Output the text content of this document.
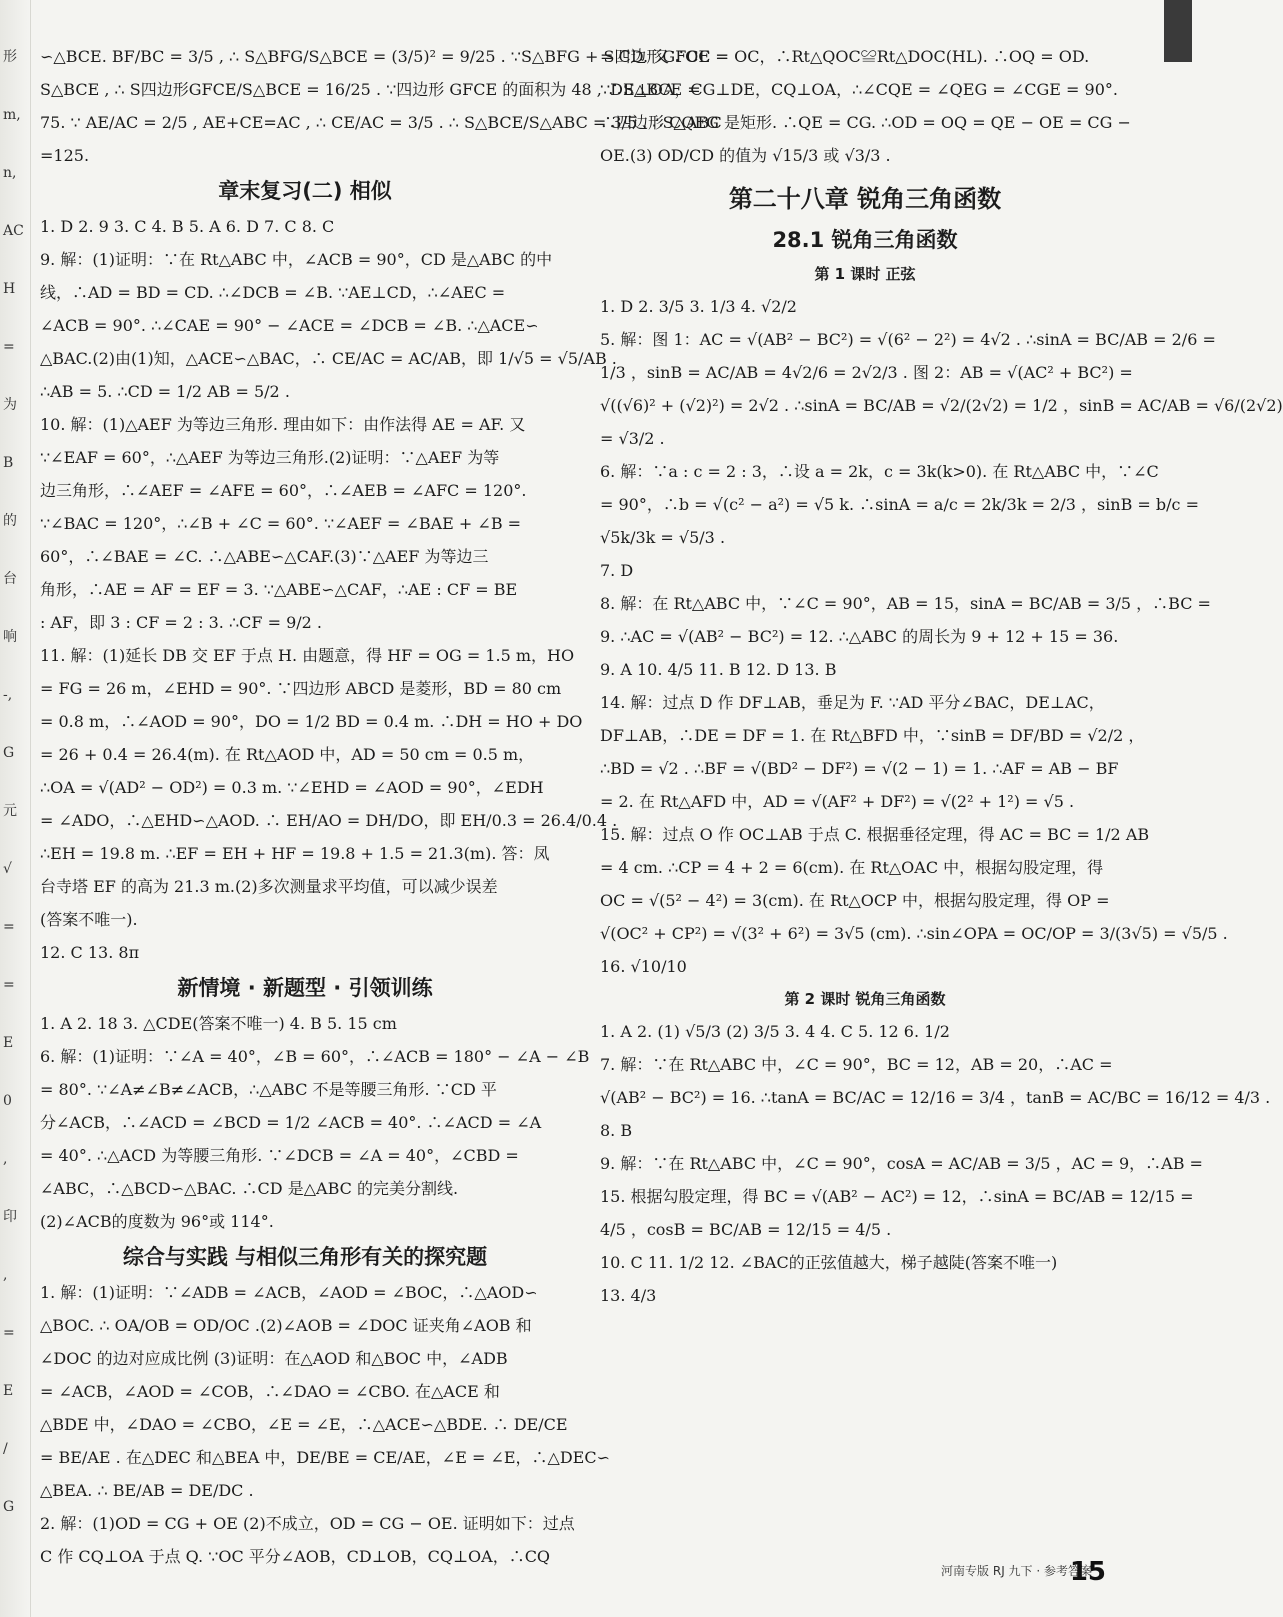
形
m,
n,
AC
H
=
为
B
的
台
响
-,
G
元
√
=
=
E
0
,
印
,
=
E
/
G
∽△BCE. BF/BC = 3/5 , ∴ S△BFG/S△BCE = (3/5)² = 9/25 . ∵S△BFG + S四边形GFCE =
S△BCE , ∴ S四边形GFCE/S△BCE = 16/25 . ∵四边形 GFCE 的面积为 48 , ∴S△BCE =
75. ∵ AE/AC = 2/5 , AE+CE=AC , ∴ CE/AC = 3/5 . ∴ S△BCE/S△ABC = 3/5 . ∴S△ABC
=125.
章末复习(二) 相似
1. D 2. 9 3. C 4. B 5. A 6. D 7. C 8. C
9. 解：(1)证明：∵在 Rt△ABC 中，∠ACB = 90°，CD 是△ABC 的中
线，∴AD = BD = CD. ∴∠DCB = ∠B. ∵AE⊥CD，∴∠AEC =
∠ACB = 90°. ∴∠CAE = 90° − ∠ACE = ∠DCB = ∠B. ∴△ACE∽
△BAC.(2)由(1)知，△ACE∽△BAC，∴ CE/AC = AC/AB，即 1/√5 = √5/AB .
∴AB = 5. ∴CD = 1/2 AB = 5/2 .
10. 解：(1)△AEF 为等边三角形. 理由如下：由作法得 AE = AF. 又
∵∠EAF = 60°，∴△AEF 为等边三角形.(2)证明：∵△AEF 为等
边三角形，∴∠AEF = ∠AFE = 60°，∴∠AEB = ∠AFC = 120°.
∵∠BAC = 120°，∴∠B + ∠C = 60°. ∵∠AEF = ∠BAE + ∠B =
60°，∴∠BAE = ∠C. ∴△ABE∽△CAF.(3)∵△AEF 为等边三
角形，∴AE = AF = EF = 3. ∵△ABE∽△CAF，∴AE : CF = BE
: AF，即 3 : CF = 2 : 3. ∴CF = 9/2 .
11. 解：(1)延长 DB 交 EF 于点 H. 由题意，得 HF = OG = 1.5 m，HO
= FG = 26 m，∠EHD = 90°. ∵四边形 ABCD 是菱形，BD = 80 cm
= 0.8 m，∴∠AOD = 90°，DO = 1/2 BD = 0.4 m. ∴DH = HO + DO
= 26 + 0.4 = 26.4(m). 在 Rt△AOD 中，AD = 50 cm = 0.5 m，
∴OA = √(AD² − OD²) = 0.3 m. ∵∠EHD = ∠AOD = 90°，∠EDH
= ∠ADO，∴△EHD∽△AOD. ∴ EH/AO = DH/DO，即 EH/0.3 = 26.4/0.4 .
∴EH = 19.8 m. ∴EF = EH + HF = 19.8 + 1.5 = 21.3(m). 答：凤
台寺塔 EF 的高为 21.3 m.(2)多次测量求平均值，可以减少误差
(答案不唯一).
12. C 13. 8π
新情境 · 新题型 · 引领训练
1. A 2. 18 3. △CDE(答案不唯一) 4. B 5. 15 cm
6. 解：(1)证明：∵∠A = 40°，∠B = 60°，∴∠ACB = 180° − ∠A − ∠B
= 80°. ∵∠A≠∠B≠∠ACB，∴△ABC 不是等腰三角形. ∵CD 平
分∠ACB，∴∠ACD = ∠BCD = 1/2 ∠ACB = 40°. ∴∠ACD = ∠A
= 40°. ∴△ACD 为等腰三角形. ∵∠DCB = ∠A = 40°，∠CBD =
∠ABC，∴△BCD∽△BAC. ∴CD 是△ABC 的完美分割线.
(2)∠ACB的度数为 96°或 114°.
综合与实践 与相似三角形有关的探究题
1. 解：(1)证明：∵∠ADB = ∠ACB，∠AOD = ∠BOC，∴△AOD∽
△BOC. ∴ OA/OB = OD/OC .(2)∠AOB = ∠DOC 证夹角∠AOB 和
∠DOC 的边对应成比例 (3)证明：在△AOD 和△BOC 中，∠ADB
= ∠ACB，∠AOD = ∠COB，∴∠DAO = ∠CBO. 在△ACE 和
△BDE 中，∠DAO = ∠CBO，∠E = ∠E，∴△ACE∽△BDE. ∴ DE/CE
= BE/AE . 在△DEC 和△BEA 中，DE/BE = CE/AE，∠E = ∠E，∴△DEC∽
△BEA. ∴ BE/AB = DE/DC .
2. 解：(1)OD = CG + OE (2)不成立，OD = CG − OE. 证明如下：过点
C 作 CQ⊥OA 于点 Q. ∵OC 平分∠AOB，CD⊥OB，CQ⊥OA，∴CQ
= CD. 又∵OC = OC，∴Rt△QOC≌Rt△DOC(HL). ∴OQ = OD.
∵DE⊥OA，CG⊥DE，CQ⊥OA，∴∠CQE = ∠QEG = ∠CGE = 90°.
∴四边形 CQEG 是矩形. ∴QE = CG. ∴OD = OQ = QE − OE = CG −
OE.(3) OD/CD 的值为 √15/3 或 √3/3 .
第二十八章 锐角三角函数
28.1 锐角三角函数
第 1 课时 正弦
1. D 2. 3/5 3. 1/3 4. √2/2
5. 解：图 1：AC = √(AB² − BC²) = √(6² − 2²) = 4√2 . ∴sinA = BC/AB = 2/6 =
1/3 ，sinB = AC/AB = 4√2/6 = 2√2/3 . 图 2：AB = √(AC² + BC²) =
√((√6)² + (√2)²) = 2√2 . ∴sinA = BC/AB = √2/(2√2) = 1/2 ，sinB = AC/AB = √6/(2√2)
= √3/2 .
6. 解：∵a : c = 2 : 3，∴设 a = 2k，c = 3k(k>0). 在 Rt△ABC 中，∵∠C
= 90°，∴b = √(c² − a²) = √5 k. ∴sinA = a/c = 2k/3k = 2/3 ，sinB = b/c =
√5k/3k = √5/3 .
7. D
8. 解：在 Rt△ABC 中，∵∠C = 90°，AB = 15，sinA = BC/AB = 3/5 ，∴BC =
9. ∴AC = √(AB² − BC²) = 12. ∴△ABC 的周长为 9 + 12 + 15 = 36.
9. A 10. 4/5 11. B 12. D 13. B
14. 解：过点 D 作 DF⊥AB，垂足为 F. ∵AD 平分∠BAC，DE⊥AC，
DF⊥AB，∴DE = DF = 1. 在 Rt△BFD 中，∵sinB = DF/BD = √2/2 ，
∴BD = √2 . ∴BF = √(BD² − DF²) = √(2 − 1) = 1. ∴AF = AB − BF
= 2. 在 Rt△AFD 中，AD = √(AF² + DF²) = √(2² + 1²) = √5 .
15. 解：过点 O 作 OC⊥AB 于点 C. 根据垂径定理，得 AC = BC = 1/2 AB
= 4 cm. ∴CP = 4 + 2 = 6(cm). 在 Rt△OAC 中，根据勾股定理，得
OC = √(5² − 4²) = 3(cm). 在 Rt△OCP 中，根据勾股定理，得 OP =
√(OC² + CP²) = √(3² + 6²) = 3√5 (cm). ∴sin∠OPA = OC/OP = 3/(3√5) = √5/5 .
16. √10/10
第 2 课时 锐角三角函数
1. A 2. (1) √5/3 (2) 3/5 3. 4 4. C 5. 12 6. 1/2
7. 解：∵在 Rt△ABC 中，∠C = 90°，BC = 12，AB = 20，∴AC =
√(AB² − BC²) = 16. ∴tanA = BC/AC = 12/16 = 3/4 ，tanB = AC/BC = 16/12 = 4/3 .
8. B
9. 解：∵在 Rt△ABC 中，∠C = 90°，cosA = AC/AB = 3/5 ，AC = 9，∴AB =
15. 根据勾股定理，得 BC = √(AB² − AC²) = 12，∴sinA = BC/AB = 12/15 =
4/5 ，cosB = BC/AB = 12/15 = 4/5 .
10. C 11. 1/2 12. ∠BAC的正弦值越大，梯子越陡(答案不唯一)
13. 4/3
河南专版 RJ 九下 · 参考答案
15
